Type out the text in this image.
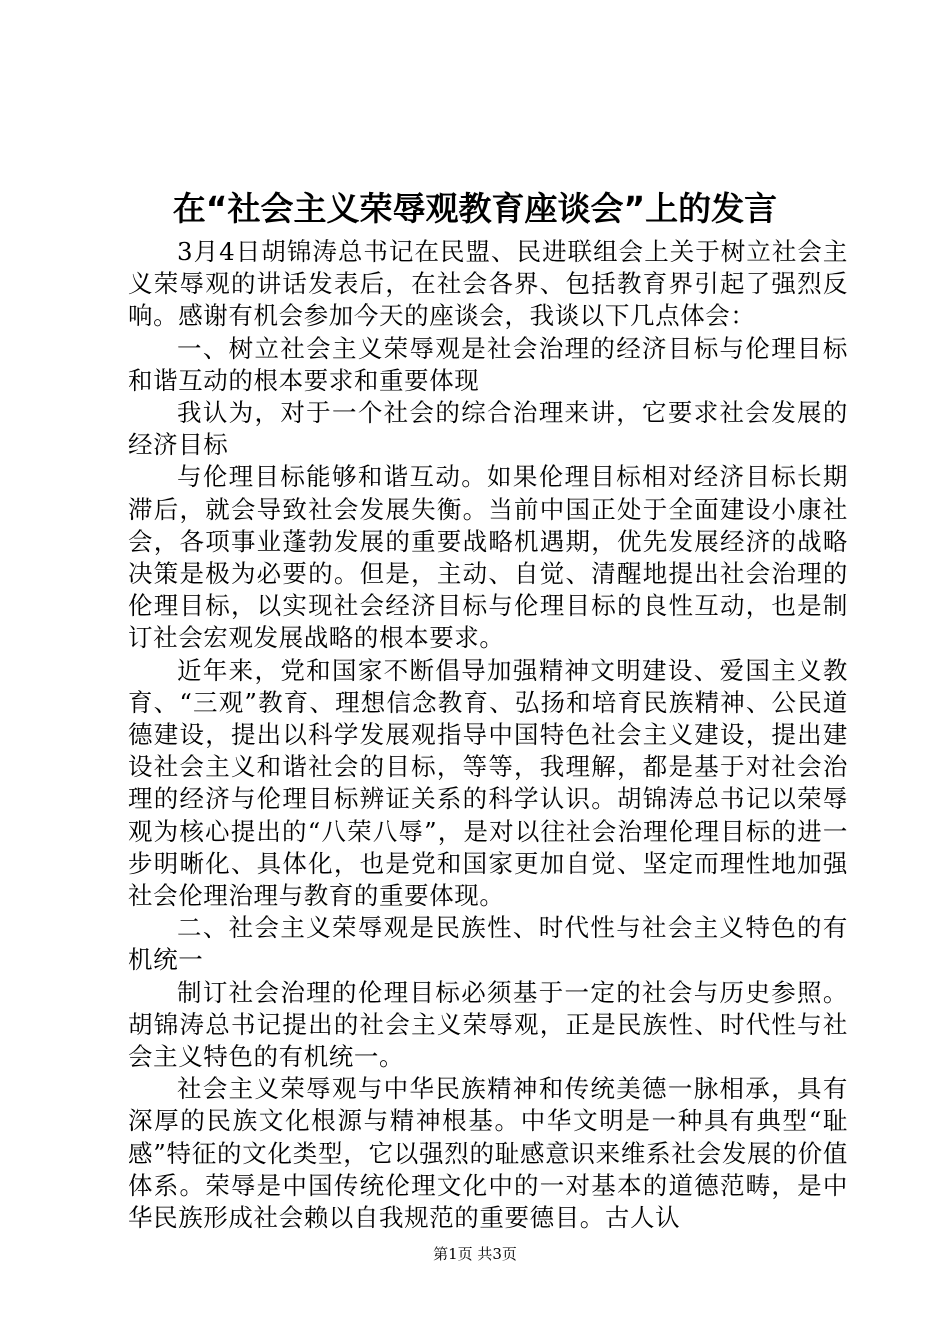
在“社会主义荣辱观教育座谈会”上的发言

3月4日胡锦涛总书记在民盟、民进联组会上关于树立社会主义荣辱观的讲话发表后，在社会各界、包括教育界引起了强烈反响。感谢有机会参加今天的座谈会，我谈以下几点体会：

一、树立社会主义荣辱观是社会治理的经济目标与伦理目标和谐互动的根本要求和重要体现

我认为，对于一个社会的综合治理来讲，它要求社会发展的经济目标

与伦理目标能够和谐互动。如果伦理目标相对经济目标长期滞后，就会导致社会发展失衡。当前中国正处于全面建设小康社会，各项事业蓬勃发展的重要战略机遇期，优先发展经济的战略决策是极为必要的。但是，主动、自觉、清醒地提出社会治理的伦理目标，以实现社会经济目标与伦理目标的良性互动，也是制订社会宏观发展战略的根本要求。

近年来，党和国家不断倡导加强精神文明建设、爱国主义教育、“三观”教育、理想信念教育、弘扬和培育民族精神、公民道德建设，提出以科学发展观指导中国特色社会主义建设，提出建设社会主义和谐社会的目标，等等，我理解，都是基于对社会治理的经济与伦理目标辨证关系的科学认识。胡锦涛总书记以荣辱观为核心提出的“八荣八辱”，是对以往社会治理伦理目标的进一步明晰化、具体化，也是党和国家更加自觉、坚定而理性地加强社会伦理治理与教育的重要体现。

二、社会主义荣辱观是民族性、时代性与社会主义特色的有机统一

制订社会治理的伦理目标必须基于一定的社会与历史参照。胡锦涛总书记提出的社会主义荣辱观，正是民族性、时代性与社会主义特色的有机统一。

社会主义荣辱观与中华民族精神和传统美德一脉相承，具有深厚的民族文化根源与精神根基。中华文明是一种具有典型“耻感”特征的文化类型，它以强烈的耻感意识来维系社会发展的价值体系。荣辱是中国传统伦理文化中的一对基本的道德范畴，是中华民族形成社会赖以自我规范的重要德目。古人认

第1页 共3页
